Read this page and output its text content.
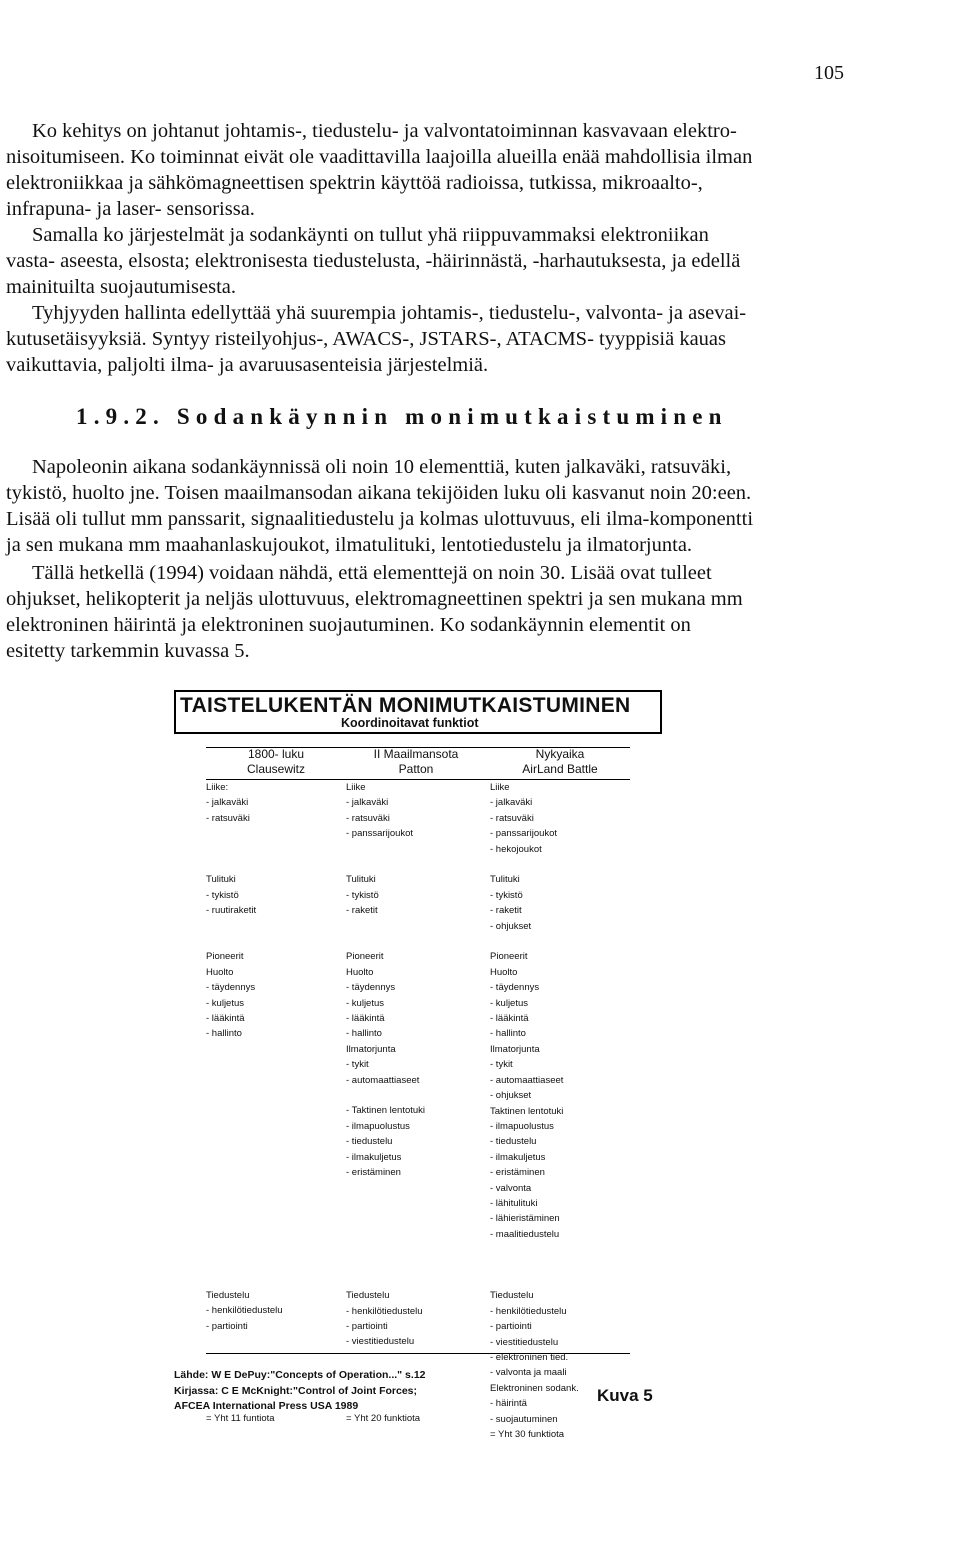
105
Ko kehitys on johtanut johtamis-, tiedustelu- ja valvontatoiminnan kasvavaan elektro-
nisoitumiseen. Ko toiminnat eivät ole vaadittavilla laajoilla alueilla enää mahdollisia ilman
elektroniikkaa ja sähkömagneettisen spektrin käyttöä radioissa, tutkissa, mikroaalto-,
infrapuna- ja laser- sensorissa.
Samalla ko järjestelmät ja sodankäynti on tullut yhä riippuvammaksi elektroniikan
vasta- aseesta, elsosta; elektronisesta tiedustelusta, -häirinnästä, -harhautuksesta, ja edellä
mainituilta suojautumisesta.
Tyhjyyden hallinta edellyttää yhä suurempia johtamis-, tiedustelu-, valvonta- ja asevai-
kutusetäisyyksiä. Syntyy risteilyohjus-, AWACS-, JSTARS-, ATACMS- tyyppisiä kauas
vaikuttavia, paljolti ilma- ja avaruusasenteisia järjestelmiä.
1.9.2. Sodankäynnin monimutkaistuminen
Napoleonin aikana sodankäynnissä oli noin 10 elementtiä, kuten jalkaväki, ratsuväki,
tykistö, huolto jne. Toisen maailmansodan aikana tekijöiden luku oli kasvanut noin 20:een.
Lisää oli tullut mm panssarit, signaalitiedustelu ja kolmas ulottuvuus, eli ilma-komponentti
ja sen mukana mm maahanlaskujoukot, ilmatulituki, lentotiedustelu ja ilmatorjunta.
Tällä hetkellä (1994) voidaan nähdä, että elementtejä on noin 30. Lisää ovat tulleet
ohjukset, helikopterit ja neljäs ulottuvuus, elektromagneettinen spektri ja sen mukana mm
elektroninen häirintä ja elektroninen suojautuminen. Ko sodankäynnin elementit on
esitetty tarkemmin kuvassa 5.
TAISTELUKENTÄN MONIMUTKAISTUMINEN
Koordinoitavat funktiot
1800- luku
Clausewitz
Liike:
- jalkaväki
- ratsuväki
Tulituki
- tykistö
- ruutiraketit
Pioneerit
Huolto
- täydennys
- kuljetus
- lääkintä
- hallinto
Tiedustelu
- henkilötiedustelu
- partiointi
= Yht 11 funtiota
II Maailmansota
Patton
Liike
- jalkaväki
- ratsuväki
- panssarijoukot
Tulituki
- tykistö
- raketit
Pioneerit
Huolto
- täydennys
- kuljetus
- lääkintä
- hallinto
Ilmatorjunta
- tykit
- automaattiaseet
- Taktinen lentotuki
- ilmapuolustus
- tiedustelu
- ilmakuljetus
- eristäminen
Tiedustelu
- henkilötiedustelu
- partiointi
- viestitiedustelu
= Yht 20 funktiota
Nykyaika
AirLand Battle
Liike
- jalkaväki
- ratsuväki
- panssarijoukot
- hekojoukot
Tulituki
- tykistö
- raketit
- ohjukset
Pioneerit
Huolto
- täydennys
- kuljetus
- lääkintä
- hallinto
Ilmatorjunta
- tykit
- automaattiaseet
- ohjukset
Taktinen lentotuki
- ilmapuolustus
- tiedustelu
- ilmakuljetus
- eristäminen
- valvonta
- lähitulituki
- lähieristäminen
- maalitiedustelu
Tiedustelu
- henkilötiedustelu
- partiointi
- viestitiedustelu
- elektroninen tied.
- valvonta ja maali
Elektroninen sodank.
- häirintä
- suojautuminen
= Yht 30 funktiota
Lähde: W E DePuy:"Concepts of Operation..." s.12
Kirjassa: C E McKnight:"Control of Joint Forces;
AFCEA International Press USA 1989
Kuva 5
